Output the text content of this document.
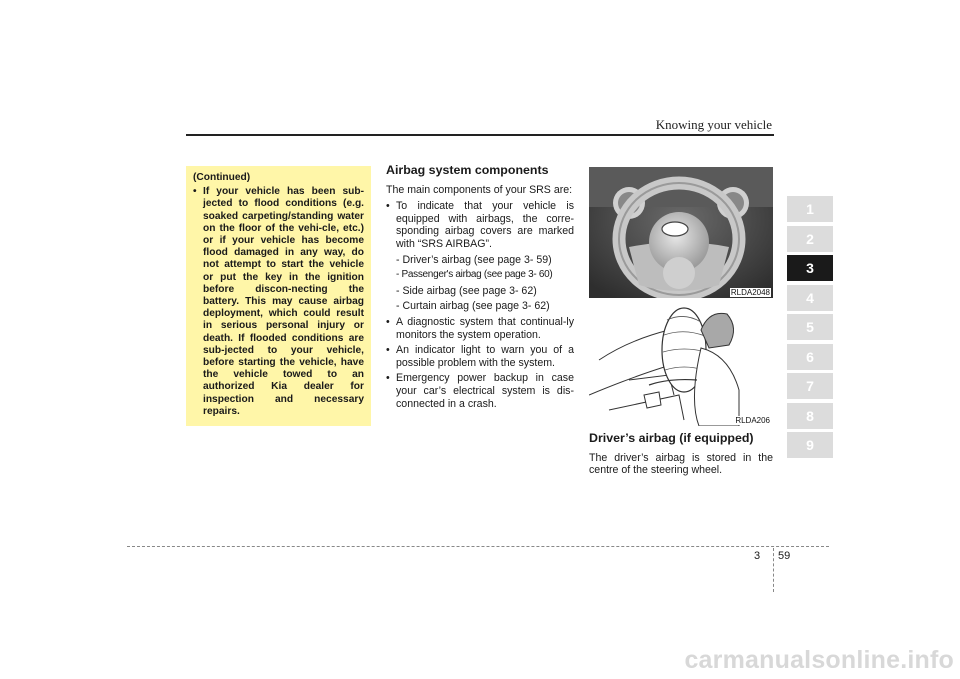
Knowing your vehicle
(Continued)
• If your vehicle has been sub-jected to flood conditions (e.g. soaked carpeting/standing water on the floor of the vehi-cle, etc.) or if your vehicle has become flood damaged in any way, do not attempt to start the vehicle or put the key in the ignition before discon-necting the battery. This may cause airbag deployment, which could result in serious personal injury or death. If flooded conditions are sub-jected to your vehicle, before starting the vehicle, have the vehicle towed to an authorized Kia dealer for inspection and necessary repairs.
Airbag system components
The main components of your SRS are:
• To indicate that your vehicle is equipped with airbags, the corre-sponding airbag covers are marked with “SRS AIRBAG”.
- Driver’s airbag (see page 3- 59)
- Passenger's airbag (see page 3- 60)
- Side airbag (see page 3- 62)
- Curtain airbag (see page 3- 62)
• A diagnostic system that continual-ly monitors the system operation.
• An indicator light to warn you of a possible problem with the system.
• Emergency power backup in case your car’s electrical system is dis-connected in a crash.
RLDA2048
RLDA206
Driver’s airbag (if equipped)
The driver’s airbag is stored in the centre of the steering wheel.
1
2
3
4
5
6
7
8
9
3 59
carmanualsonline.info
